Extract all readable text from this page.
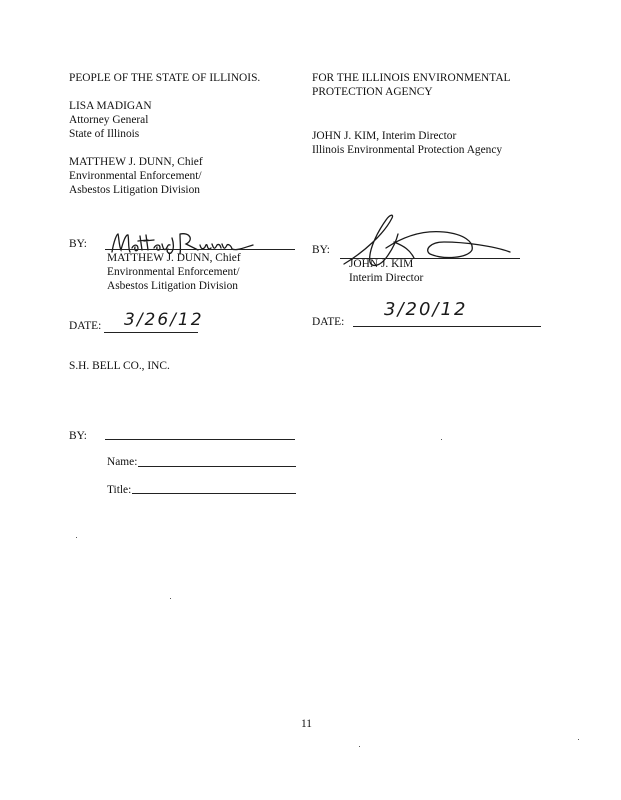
PEOPLE OF THE STATE OF ILLINOIS.
LISA MADIGAN
Attorney General
State of Illinois
MATTHEW J. DUNN, Chief
Environmental Enforcement/
Asbestos Litigation Division
BY:
MATTHEW J. DUNN, Chief
Environmental Enforcement/
Asbestos Litigation Division
DATE: 3/26/12
FOR THE ILLINOIS ENVIRONMENTAL
PROTECTION AGENCY
JOHN J. KIM, Interim Director
Illinois Environmental Protection Agency
BY:
JOHN J. KIM
Interim Director
DATE:
3/20/12
S.H. BELL CO., INC.
BY:
Name:
Title:
11
